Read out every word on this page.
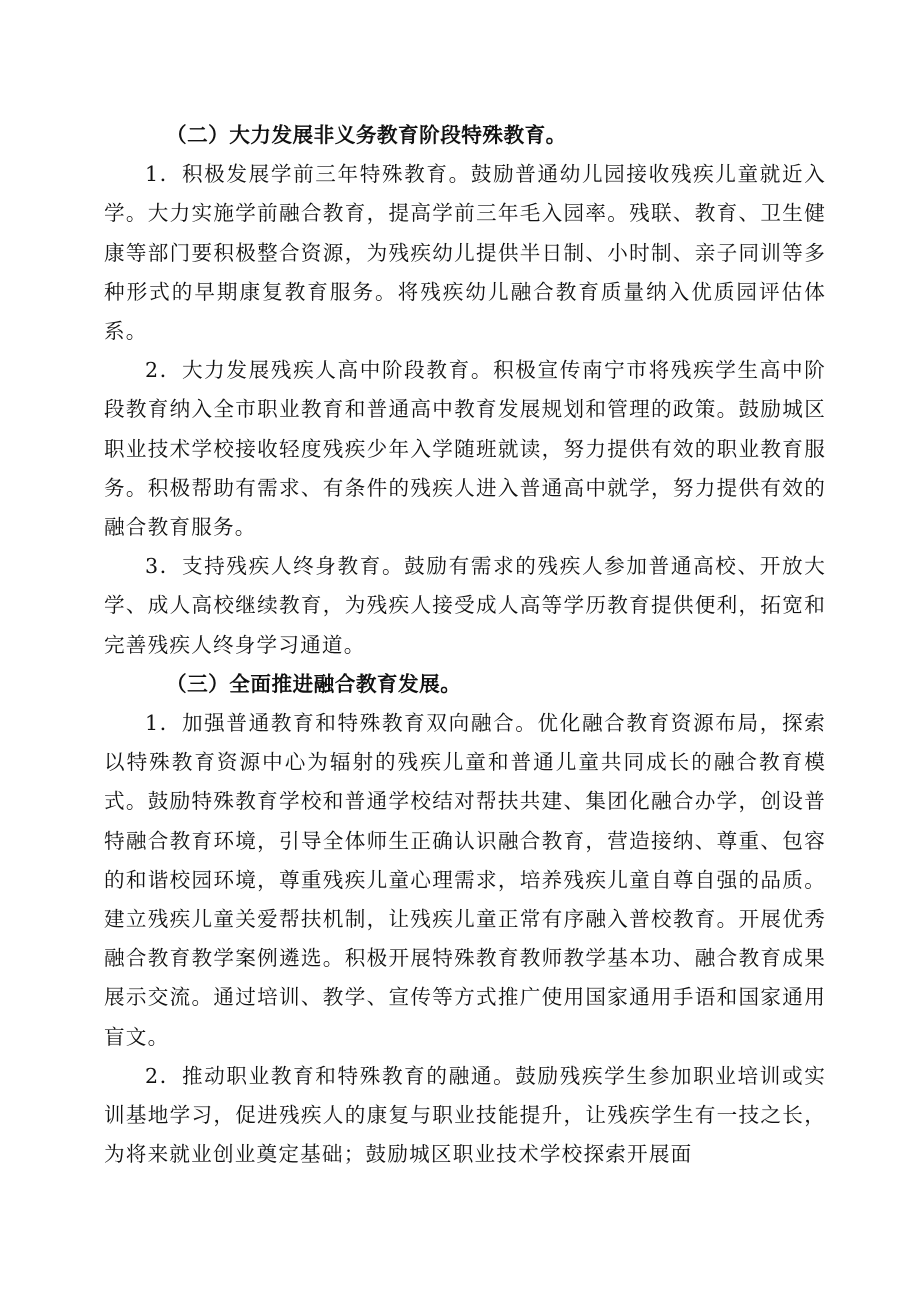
（二）大力发展非义务教育阶段特殊教育。

1．积极发展学前三年特殊教育。鼓励普通幼儿园接收残疾儿童就近入学。大力实施学前融合教育，提高学前三年毛入园率。残联、教育、卫生健康等部门要积极整合资源，为残疾幼儿提供半日制、小时制、亲子同训等多种形式的早期康复教育服务。将残疾幼儿融合教育质量纳入优质园评估体系。

2．大力发展残疾人高中阶段教育。积极宣传南宁市将残疾学生高中阶段教育纳入全市职业教育和普通高中教育发展规划和管理的政策。鼓励城区职业技术学校接收轻度残疾少年入学随班就读，努力提供有效的职业教育服务。积极帮助有需求、有条件的残疾人进入普通高中就学，努力提供有效的融合教育服务。

3．支持残疾人终身教育。鼓励有需求的残疾人参加普通高校、开放大学、成人高校继续教育，为残疾人接受成人高等学历教育提供便利，拓宽和完善残疾人终身学习通道。

（三）全面推进融合教育发展。

1．加强普通教育和特殊教育双向融合。优化融合教育资源布局，探索以特殊教育资源中心为辐射的残疾儿童和普通儿童共同成长的融合教育模式。鼓励特殊教育学校和普通学校结对帮扶共建、集团化融合办学，创设普特融合教育环境，引导全体师生正确认识融合教育，营造接纳、尊重、包容的和谐校园环境，尊重残疾儿童心理需求，培养残疾儿童自尊自强的品质。建立残疾儿童关爱帮扶机制，让残疾儿童正常有序融入普校教育。开展优秀融合教育教学案例遴选。积极开展特殊教育教师教学基本功、融合教育成果展示交流。通过培训、教学、宣传等方式推广使用国家通用手语和国家通用盲文。

2．推动职业教育和特殊教育的融通。鼓励残疾学生参加职业培训或实训基地学习，促进残疾人的康复与职业技能提升，让残疾学生有一技之长，为将来就业创业奠定基础；鼓励城区职业技术学校探索开展面
